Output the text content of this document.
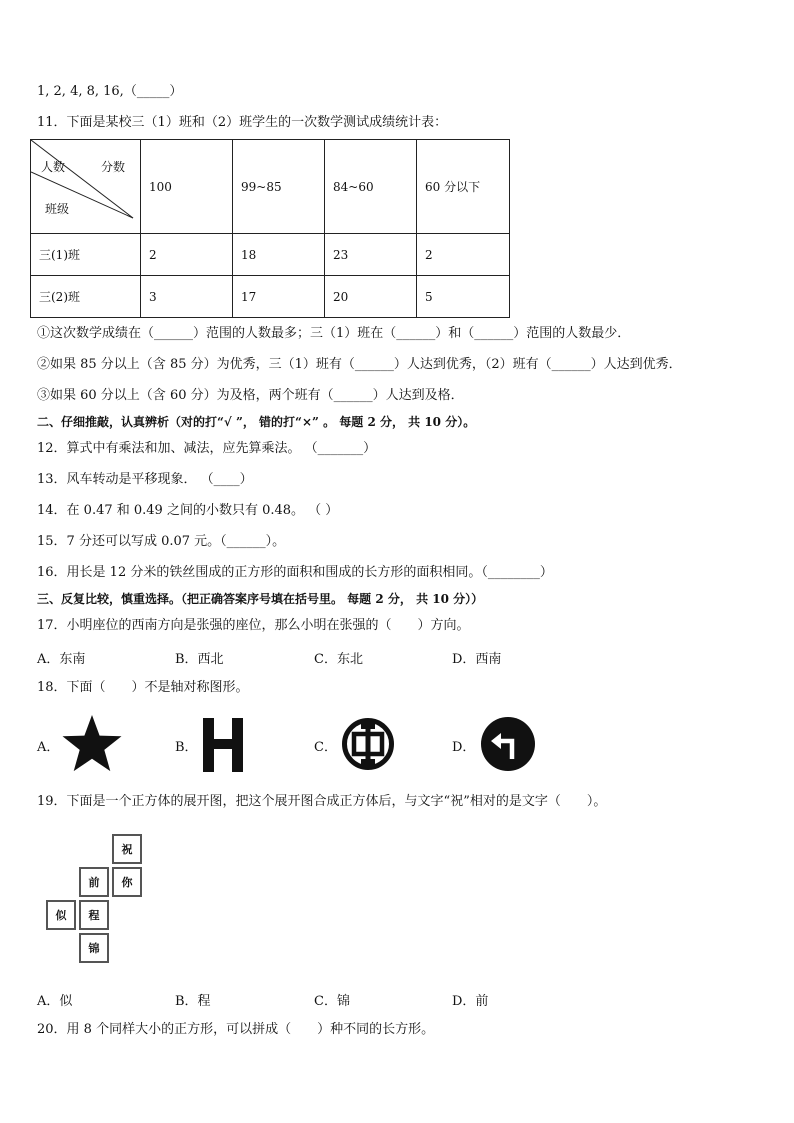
1, 2, 4, 8, 16,（_____）
11．下面是某校三（1）班和（2）班学生的一次数学测试成绩统计表：
人数 分数
班级	100	99~85	84~60	60 分以下
三(1)班	2	18	23	2
三(2)班	3	17	20	5
①这次数学成绩在（______）范围的人数最多；三（1）班在（______）和（______）范围的人数最少．
②如果 85 分以上（含 85 分）为优秀，三（1）班有（______）人达到优秀，（2）班有（______）人达到优秀．
③如果 60 分以上（含 60 分）为及格，两个班有（______）人达到及格．
二、仔细推敲，认真辨析（对的打“√ ”， 错的打“×” 。 每题 2 分， 共 10 分）。
12．算式中有乘法和加、减法，应先算乘法。 （_______）
13．风车转动是平移现象． （____）
14．在 0.47 和 0.49 之间的小数只有 0.48。 （ ）
15．7 分还可以写成 0.07 元。（______）。
16．用长是 12 分米的铁丝围成的正方形的面积和围成的长方形的面积相同。（________）
三、反复比较，慎重选择。（把正确答案序号填在括号里。 每题 2 分， 共 10 分））
17．小明座位的西南方向是张强的座位，那么小明在张强的（　　）方向。
A．东南	B．西北	C．东北	D．西南
18．下面（　　）不是轴对称图形。
A．	B．	C．	D．
19．下面是一个正方体的展开图，把这个展开图合成正方体后，与文字“祝”相对的是文字（　　）。
祝
前	你
似	程
锦
A．似	B．程	C．锦	D．前
20．用 8 个同样大小的正方形，可以拼成（　　）种不同的长方形。
